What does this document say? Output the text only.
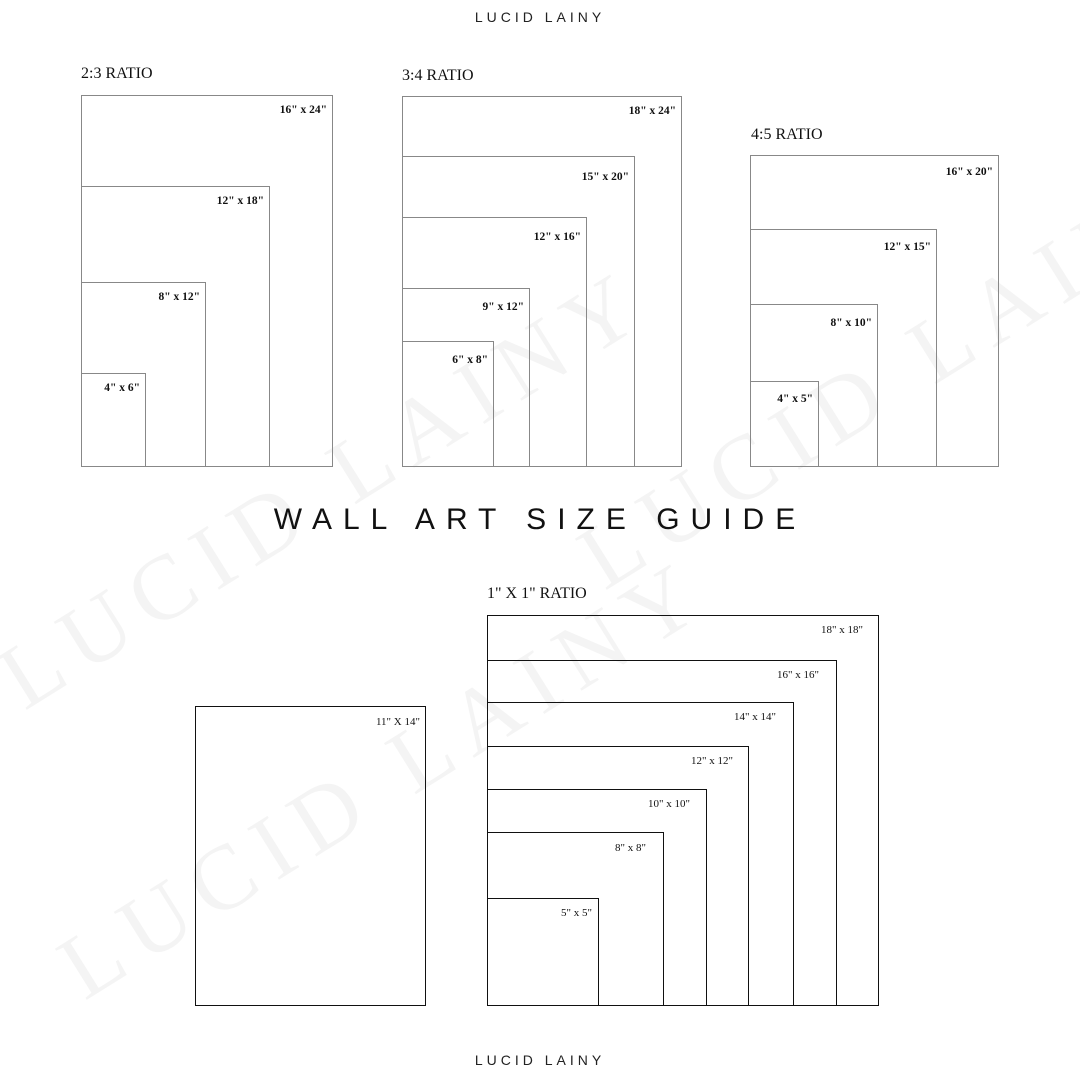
LUCID LAINY
2:3 RATIO
16" x 24"
12" x 18"
8" x 12"
4" x 6"
3:4 RATIO
18" x 24"
15" x 20"
12" x 16"
9" x 12"
6" x 8"
4:5 RATIO
16" x 20"
12" x 15"
8" x 10"
4" x 5"
WALL ART SIZE GUIDE
11" X 14"
1" X 1" RATIO
18" x 18"
16" x 16"
14" x 14"
12" x 12"
10" x 10"
8" x 8"
5" x 5"
LUCID LAINY
